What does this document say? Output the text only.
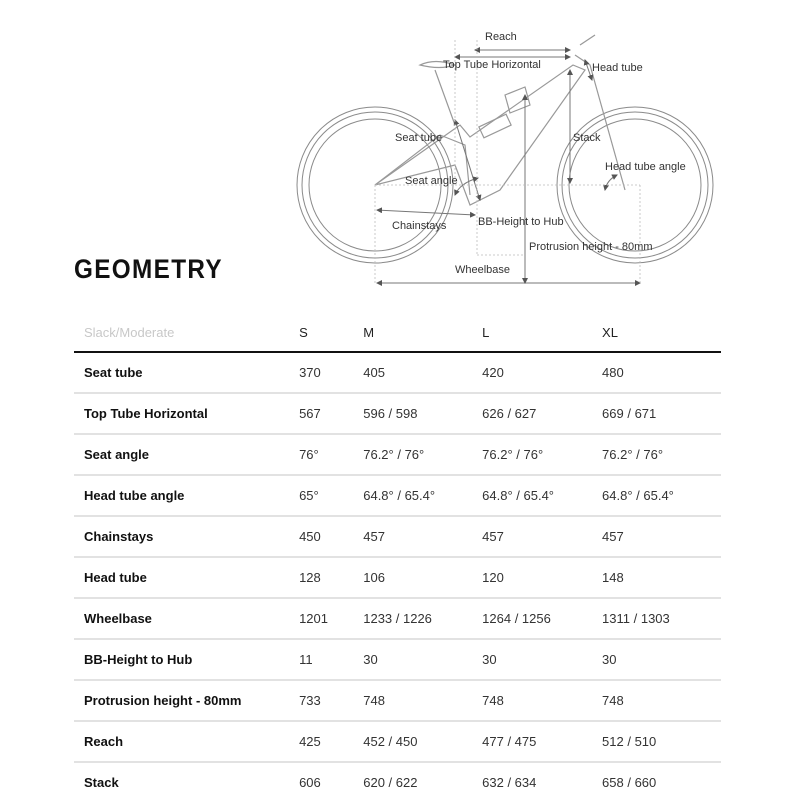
Reach
Top Tube Horizontal	Head tube
Seat tube	Stack
Head tube angle
Seat angle
Chainstays	BB-Height to Hub
Protrusion height - 80mm
Wheelbase
GEOMETRY
Slack/Moderate	S	M	L	XL
Seat tube	370	405	420	480
Top Tube Horizontal	567	596 / 598	626 / 627	669 / 671
Seat angle	76°	76.2° / 76°	76.2° / 76°	76.2° / 76°
Head tube angle	65°	64.8° / 65.4°	64.8° / 65.4°	64.8° / 65.4°
Chainstays	450	457	457	457
Head tube	128	106	120	148
Wheelbase	1201	1233 / 1226	1264 / 1256	1311 / 1303
BB-Height to Hub	11	30	30	30
Protrusion height - 80mm	733	748	748	748
Reach	425	452 / 450	477 / 475	512 / 510
Stack	606	620 / 622	632 / 634	658 / 660
